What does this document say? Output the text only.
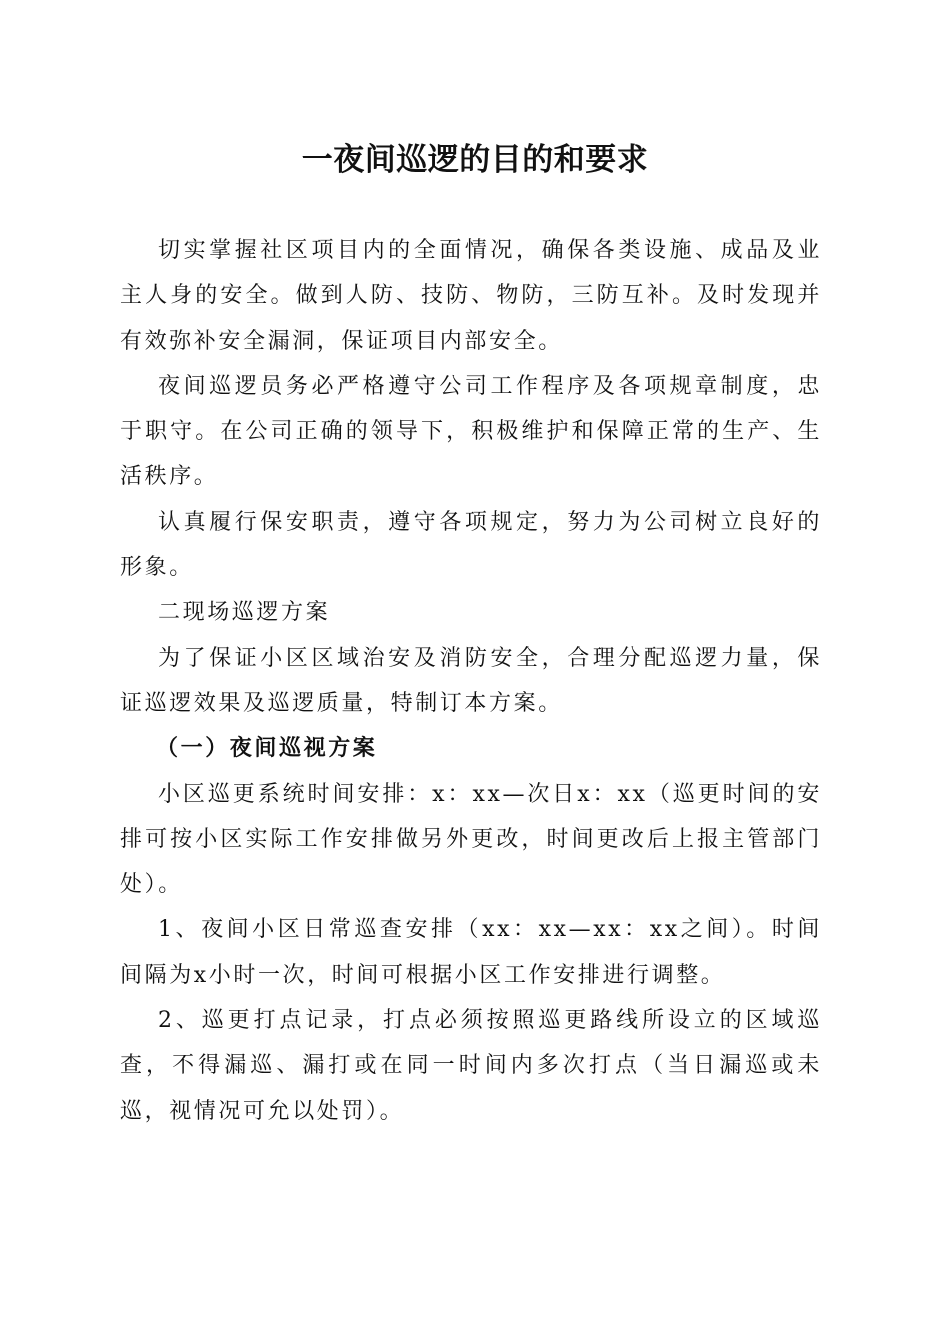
一夜间巡逻的目的和要求

切实掌握社区项目内的全面情况，确保各类设施、成品及业主人身的安全。做到人防、技防、物防，三防互补。及时发现并有效弥补安全漏洞，保证项目内部安全。

夜间巡逻员务必严格遵守公司工作程序及各项规章制度，忠于职守。在公司正确的领导下，积极维护和保障正常的生产、生活秩序。

认真履行保安职责，遵守各项规定，努力为公司树立良好的形象。

二现场巡逻方案

为了保证小区区域治安及消防安全，合理分配巡逻力量，保证巡逻效果及巡逻质量，特制订本方案。

（一）夜间巡视方案

小区巡更系统时间安排：x：xx—次日x：xx（巡更时间的安排可按小区实际工作安排做另外更改，时间更改后上报主管部门处）。

1、夜间小区日常巡查安排（xx：xx—xx：xx之间）。时间间隔为x小时一次，时间可根据小区工作安排进行调整。

2、巡更打点记录，打点必须按照巡更路线所设立的区域巡查，不得漏巡、漏打或在同一时间内多次打点（当日漏巡或未巡，视情况可允以处罚）。
